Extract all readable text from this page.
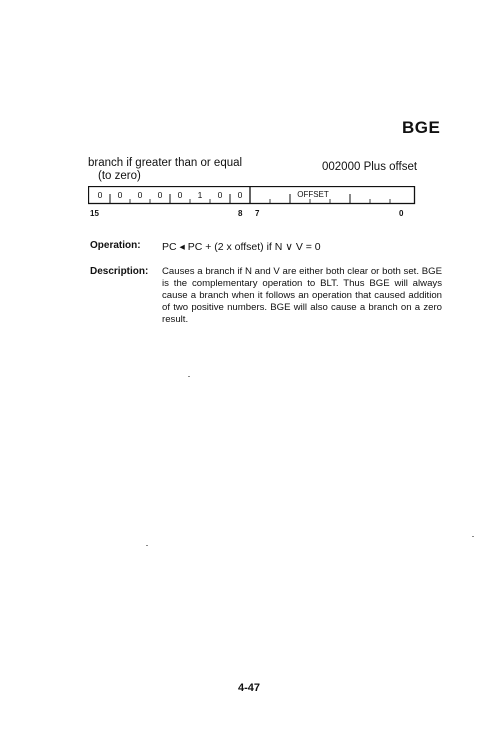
BGE
branch if greater than or equal
(to zero)
002000 Plus offset
0 0 0 0 0 1 0 0	OFFSET
15	8 7	0
Operation: PC ◂ PC + (2 x offset) if N ∨ V = 0
Description: Causes a branch if N and V are either both clear or both set. BGE is the complementary operation to BLT. Thus BGE will always cause a branch when it follows an operation that caused addition of two positive numbers. BGE will also cause a branch on a zero result.
4-47
